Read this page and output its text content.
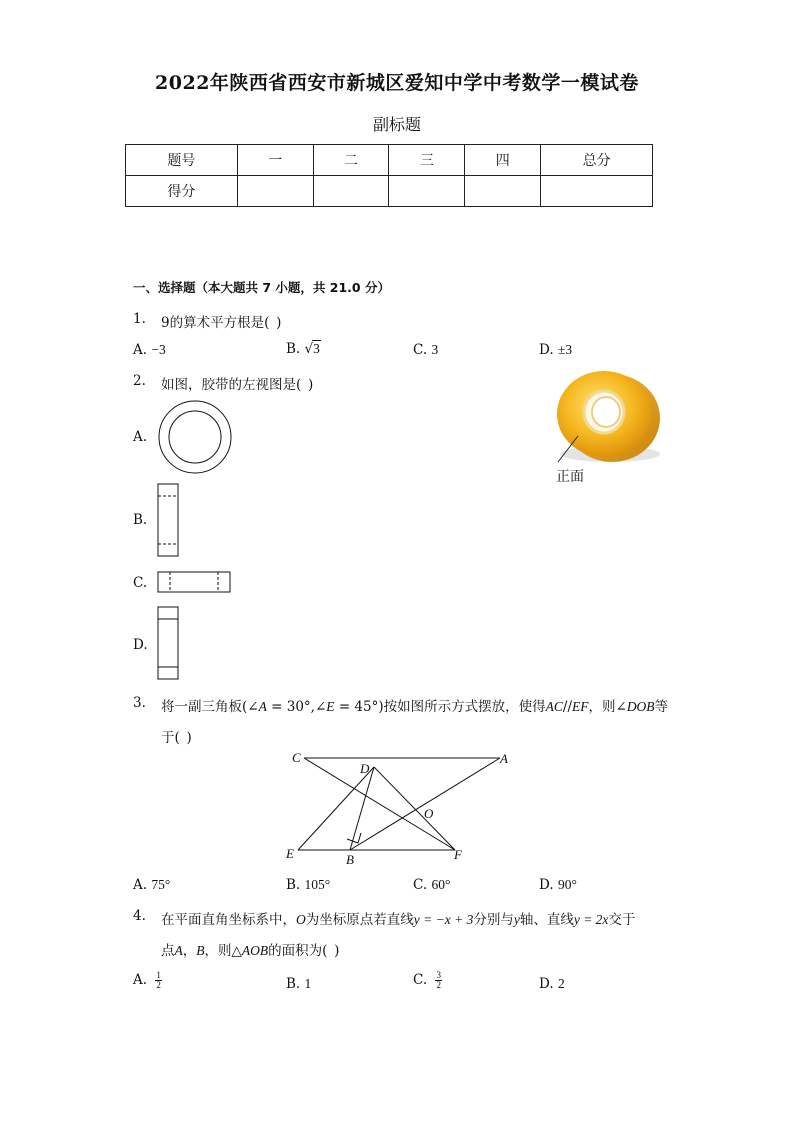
2022年陕西省西安市新城区爱知中学中考数学一模试卷
副标题
题号	一	二	三	四	总分
得分					
一、选择题（本大题共 7 小题，共 21.0 分）
1. 9的算术平方根是( )
A. −3	B. √3	C. 3	D. ±3
2. 如图，胶带的左视图是( )
正面
A.
B.
C.
D.
3. 将一副三角板(∠A = 30°,∠E = 45°)按如图所示方式摆放，使得AC//EF，则∠DOB等
于( )
C
D
A
O
E	B	F
A. 75°	B. 105°	C. 60°	D. 90°
4. 在平面直角坐标系中，O为坐标原点若直线y = −x + 3分别与y轴、直线y = 2x交于
点A，B，则△AOB的面积为( )
A. $\frac{1}{2}$	B. 1	C. $\frac{3}{2}$	D. 2
